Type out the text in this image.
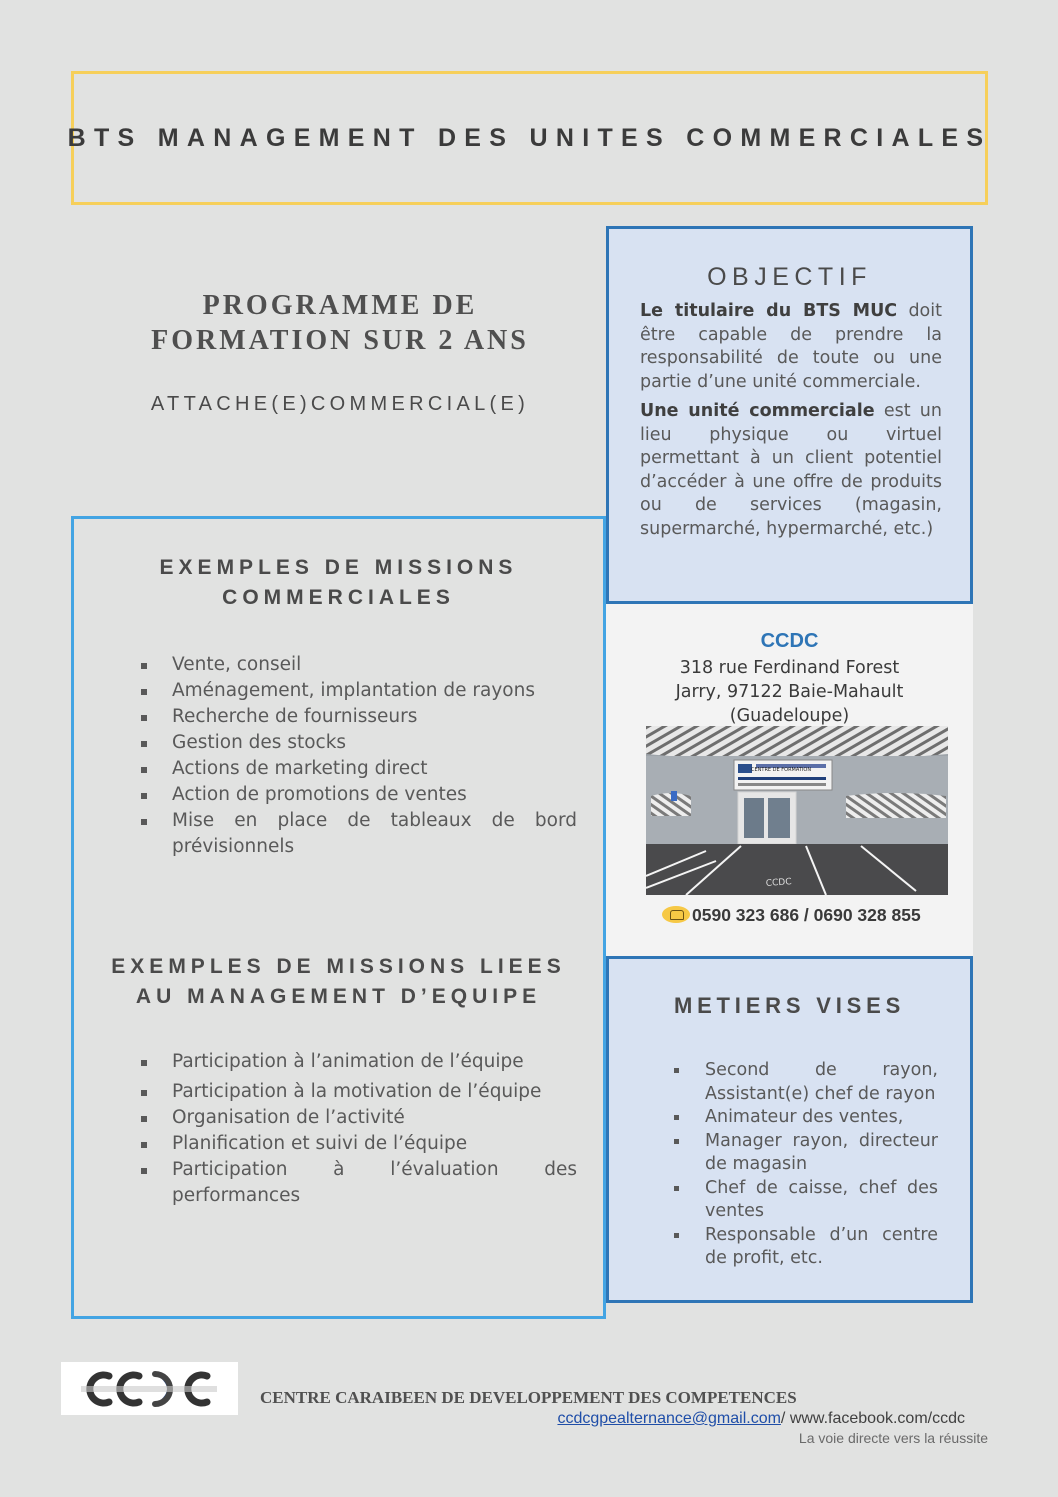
BTS MANAGEMENT DES UNITES COMMERCIALES
PROGRAMME DE
FORMATION SUR 2 ANS
ATTACHE(E)COMMERCIAL(E)
EXEMPLES DE MISSIONS
COMMERCIALES
Vente, conseil
Aménagement, implantation de rayons
Recherche de fournisseurs
Gestion des stocks
Actions de marketing direct
Action de promotions de ventes
Mise en place de tableaux de bord prévisionnels
EXEMPLES DE MISSIONS LIEES
AU MANAGEMENT D’EQUIPE
Participation à l’animation de l’équipe
Participation à la motivation de l’équipe
Organisation de l’activité
Planification et suivi de l’équipe
Participation à l’évaluation des performances
OBJECTIF

Le titulaire du BTS MUC doit être capable de prendre la responsabilité de toute ou une partie d’une unité commerciale.

Une unité commerciale est un lieu physique ou virtuel permettant à un client potentiel d’accéder à une offre de produits ou de services (magasin, supermarché, hypermarché, etc.)

CCDC
318 rue Ferdinand Forest
Jarry, 97122 Baie-Mahault
(Guadeloupe)
CENTRE DE FORMATION
CCDC
0590 323 686 / 0690 328 855
METIERS VISES
Second de rayon, Assistant(e) chef de rayon
Animateur des ventes,
Manager rayon, directeur de magasin
Chef de caisse, chef des ventes
Responsable d’un centre de profit, etc.
CENTRE CARAIBEEN DE DEVELOPPEMENT DES COMPETENCES
ccdcgpealternance@gmail.com/ www.facebook.com/ccdc
La voie directe vers la réussite
